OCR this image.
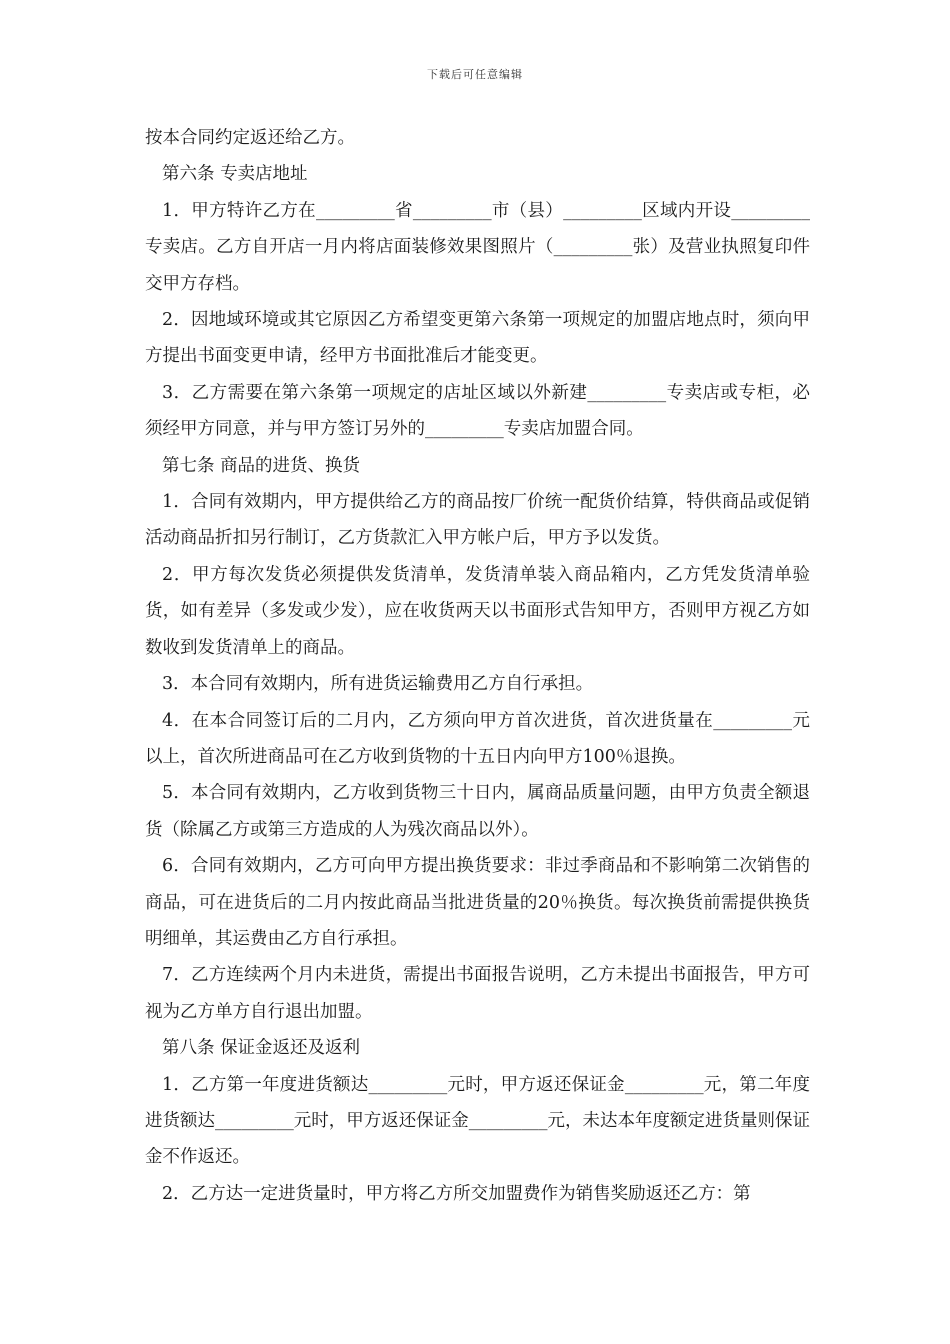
下载后可任意编辑

按本合同约定返还给乙方。

第六条 专卖店地址

1．甲方特许乙方在_________省_________市（县）_________区域内开设_________专卖店。乙方自开店一月内将店面装修效果图照片（_________张）及营业执照复印件交甲方存档。

2．因地域环境或其它原因乙方希望变更第六条第一项规定的加盟店地点时，须向甲方提出书面变更申请，经甲方书面批准后才能变更。

3．乙方需要在第六条第一项规定的店址区域以外新建_________专卖店或专柜，必须经甲方同意，并与甲方签订另外的_________专卖店加盟合同。

第七条 商品的进货、换货

1．合同有效期内，甲方提供给乙方的商品按厂价统一配货价结算，特供商品或促销活动商品折扣另行制订，乙方货款汇入甲方帐户后，甲方予以发货。

2．甲方每次发货必须提供发货清单，发货清单装入商品箱内，乙方凭发货清单验货，如有差异（多发或少发），应在收货两天以书面形式告知甲方，否则甲方视乙方如数收到发货清单上的商品。

3．本合同有效期内，所有进货运输费用乙方自行承担。

4．在本合同签订后的二月内，乙方须向甲方首次进货，首次进货量在_________元以上，首次所进商品可在乙方收到货物的十五日内向甲方100％退换。

5．本合同有效期内，乙方收到货物三十日内，属商品质量问题，由甲方负责全额退货（除属乙方或第三方造成的人为残次商品以外）。

6．合同有效期内，乙方可向甲方提出换货要求：非过季商品和不影响第二次销售的商品，可在进货后的二月内按此商品当批进货量的20％换货。每次换货前需提供换货明细单，其运费由乙方自行承担。

7．乙方连续两个月内未进货，需提出书面报告说明，乙方未提出书面报告，甲方可视为乙方单方自行退出加盟。

第八条 保证金返还及返利

1．乙方第一年度进货额达_________元时，甲方返还保证金_________元，第二年度进货额达_________元时，甲方返还保证金_________元，未达本年度额定进货量则保证金不作返还。

2．乙方达一定进货量时，甲方将乙方所交加盟费作为销售奖励返还乙方：第
